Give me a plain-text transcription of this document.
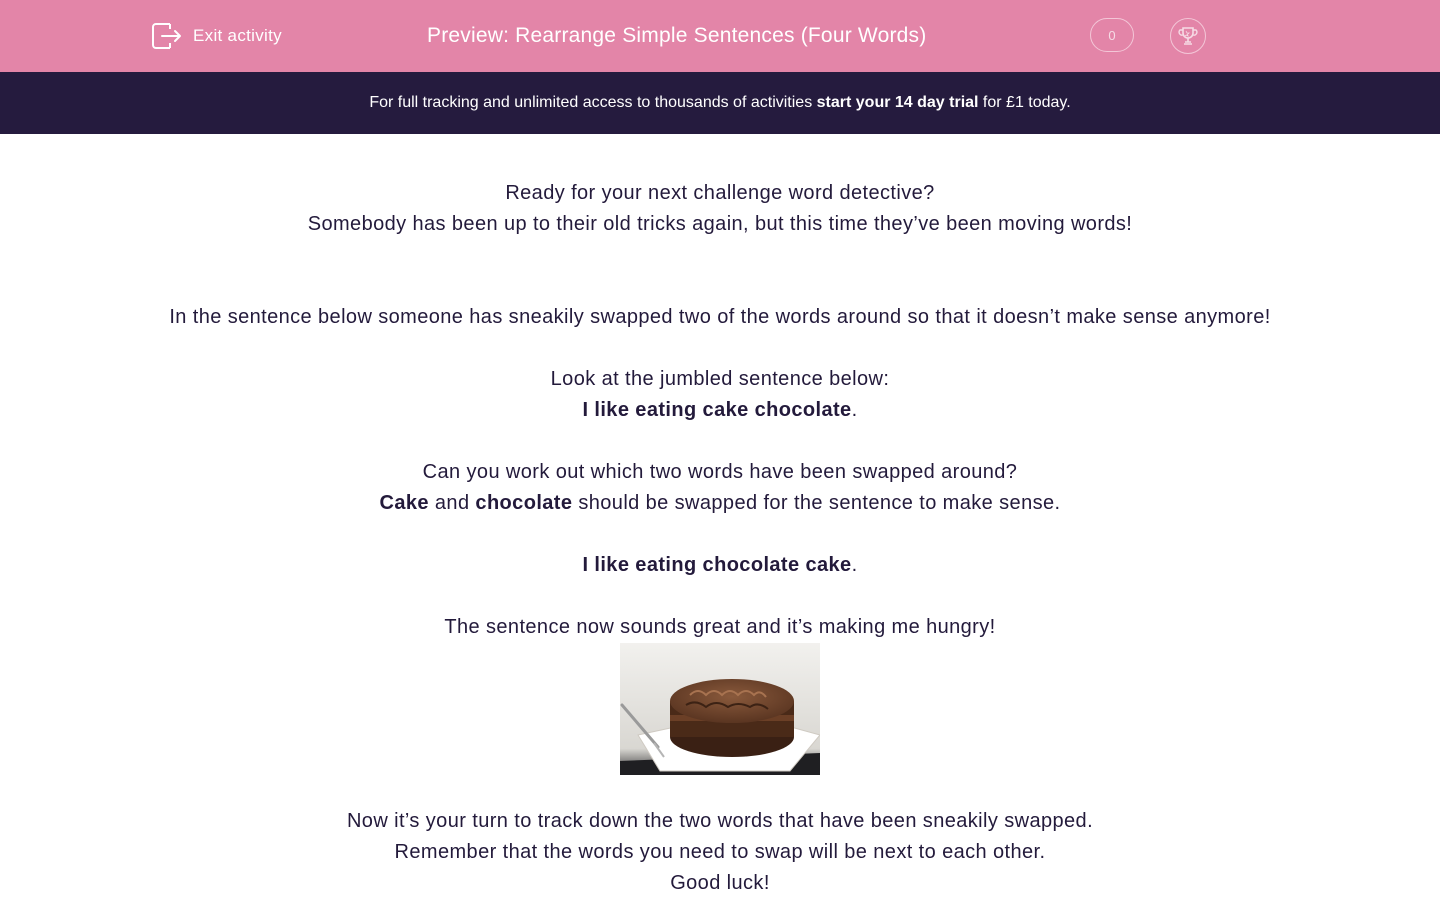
Exit activity	Preview: Rearrange Simple Sentences (Four Words)	0
For full tracking and unlimited access to thousands of activities start your 14 day trial for £1 today.

Ready for your next challenge word detective?

Somebody has been up to their old tricks again, but this time they’ve been moving words!

In the sentence below someone has sneakily swapped two of the words around so that it doesn’t make sense anymore!

Look at the jumbled sentence below:

I like eating cake chocolate.

Can you work out which two words have been swapped around?

Cake and chocolate should be swapped for the sentence to make sense.

I like eating chocolate cake.

The sentence now sounds great and it’s making me hungry!

Now it’s your turn to track down the two words that have been sneakily swapped.

Remember that the words you need to swap will be next to each other.

Good luck!
